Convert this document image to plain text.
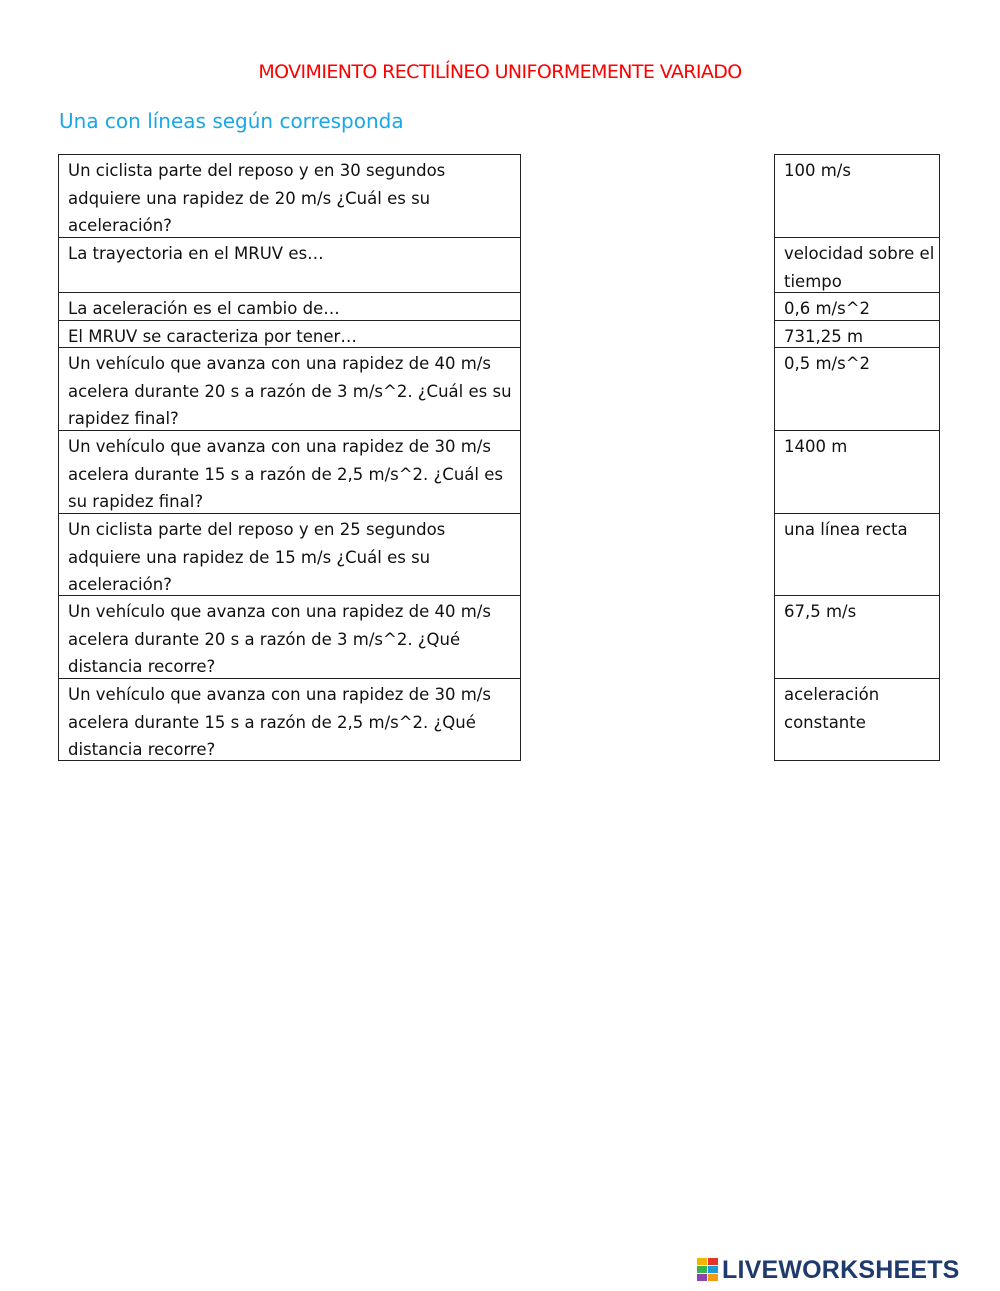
MOVIMIENTO RECTILÍNEO UNIFORMEMENTE VARIADO
Una con líneas según corresponda
Un ciclista parte del reposo y en 30 segundos adquiere una rapidez de 20 m/s ¿Cuál es su aceleración?
La trayectoria en el MRUV es…
La aceleración es el cambio de…
El MRUV se caracteriza por tener…
Un vehículo que avanza con una rapidez de 40 m/s acelera durante 20 s a razón de 3 m/s^2. ¿Cuál es su rapidez final?
Un vehículo que avanza con una rapidez de 30 m/s acelera durante 15 s a razón de 2,5 m/s^2. ¿Cuál es su rapidez final?
Un ciclista parte del reposo y en 25 segundos adquiere una rapidez de 15 m/s ¿Cuál es su aceleración?
Un vehículo que avanza con una rapidez de 40 m/s acelera durante 20 s a razón de 3 m/s^2. ¿Qué distancia recorre?
Un vehículo que avanza con una rapidez de 30 m/s acelera durante 15 s a razón de 2,5 m/s^2. ¿Qué distancia recorre?
100 m/s
velocidad sobre el tiempo
0,6 m/s^2
731,25 m
0,5 m/s^2
1400 m
una línea recta
67,5 m/s
aceleración constante
LIVEWORKSHEETS
